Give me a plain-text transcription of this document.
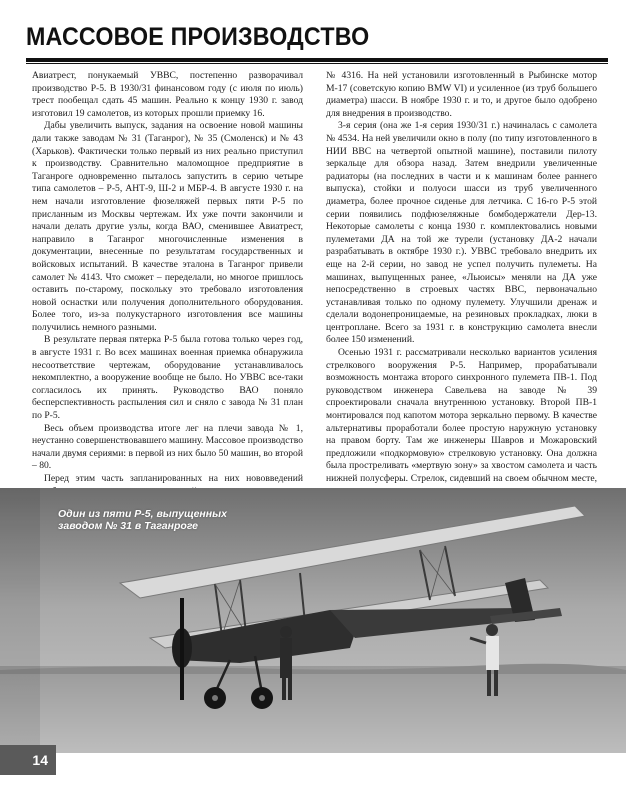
МАССОВОЕ ПРОИЗВОДСТВО

Авиатрест, понукаемый УВВС, постепенно разворачивал производство Р-5. В 1930/31 финансовом году (с июля по июль) трест пообещал сдать 45 машин. Реально к концу 1930 г. завод изготовил 19 самолетов, из которых прошли приемку 16.

Дабы увеличить выпуск, задания на освоение новой машины дали также заводам № 31 (Таганрог), № 35 (Смоленск) и № 43 (Харьков). Фактически только первый из них реально приступил к производству. Сравнительно маломощное предприятие в Таганроге одновременно пыталось запустить в серию четыре типа самолетов – Р-5, АНТ-9, Ш-2 и МБР-4. В августе 1930 г. на нем начали изготовление фюзеляжей первых пяти Р-5 по присланным из Москвы чертежам. Их уже почти закончили и начали делать другие узлы, когда ВАО, сменившее Авиатрест, направило в Таганрог многочисленные изменения в документации, внесенные по результатам государственных и войсковых испытаний. В качестве эталона в Таганрог привели самолет № 4143. Что сможет – переделали, но многое пришлось оставить по-старому, поскольку это требовало изготовления новой оснастки или получения дополнительного оборудования. Более того, из-за полукустарного изготовления все машины получились немного разными.

В результате первая пятерка Р-5 была готова только через год, в августе 1931 г. Во всех машинах военная приемка обнаружила несоответствие чертежам, оборудование устанавливалось некомплектно, а вооружение вообще не было. Но УВВС все-таки согласилось их принять. Руководство ВАО поняло бесперспективность распыления сил и сняло с завода № 31 план по Р-5.

Весь объем производства итоге лег на плечи завода № 1, неустанно совершенствовавшего машину. Массовое производство начали двумя сериями: в первой из них было 50 машин, во второй – 80.

Перед этим часть запланированных на них нововведений

№ 4316. На ней установили изготовленный в Рыбинске мотор М-17 (советскую копию BMW VI) и усиленное (из труб большего диаметра) шасси. В ноябре 1930 г. и то, и другое было одобрено для внедрения в производство.

3-я серия (она же 1-я серия 1930/31 г.) начиналась с самолета № 4534. На ней увеличили окно в полу (по типу изготовленного в НИИ ВВС на четвертой опытной машине), поставили пилоту зеркальце для обзора назад. Затем внедрили увеличенные радиаторы (на последних в части и к машинам более раннего выпуска), стойки и полуоси шасси из труб увеличенного диаметра, более прочное сиденье для летчика. С 16-го Р-5 этой серии появились подфюзеляжные бомбодержатели Дер-13. Некоторые самолеты с конца 1930 г. комплектовались новыми пулеметами ДА на той же турели (установку ДА-2 начали разрабатывать в октябре 1930 г.). УВВС требовало внедрить их еще на 2-й серии, но завод не успел получить пулеметы. На машинах, выпущенных ранее, «Льюисы» меняли на ДА уже непосредственно в строевых частях ВВС, первоначально устанавливая только по одному пулемету. Улучшили дренаж и сделали водонепроницаемые, на резиновых прокладках, люки в центроплане. Всего за 1931 г. в конструкцию самолета внесли более 150 изменений.

Осенью 1931 г. рассматривали несколько вариантов усиления стрелкового вооружения Р-5. Например, прорабатывали возможность монтажа второго синхронного пулемета ПВ-1. Под руководством инженера Савельева на заводе № 39 спроектировали сначала внутреннюю установку. Второй ПВ-1 монтировался под капотом мотора зеркально первому. В качестве альтернативы проработали более простую наружную установку на правом борту. Там же инженеры Шавров и Можаровский предложили «подкормовую» стрелковую установку. Она должна была простреливать «мертвую зону» за хвостом самолета и часть нижней полусферы. Стрелок, сидевший на своем обычном месте,

Один из пяти Р-5, выпущенных заводом № 31 в Таганроге
14
